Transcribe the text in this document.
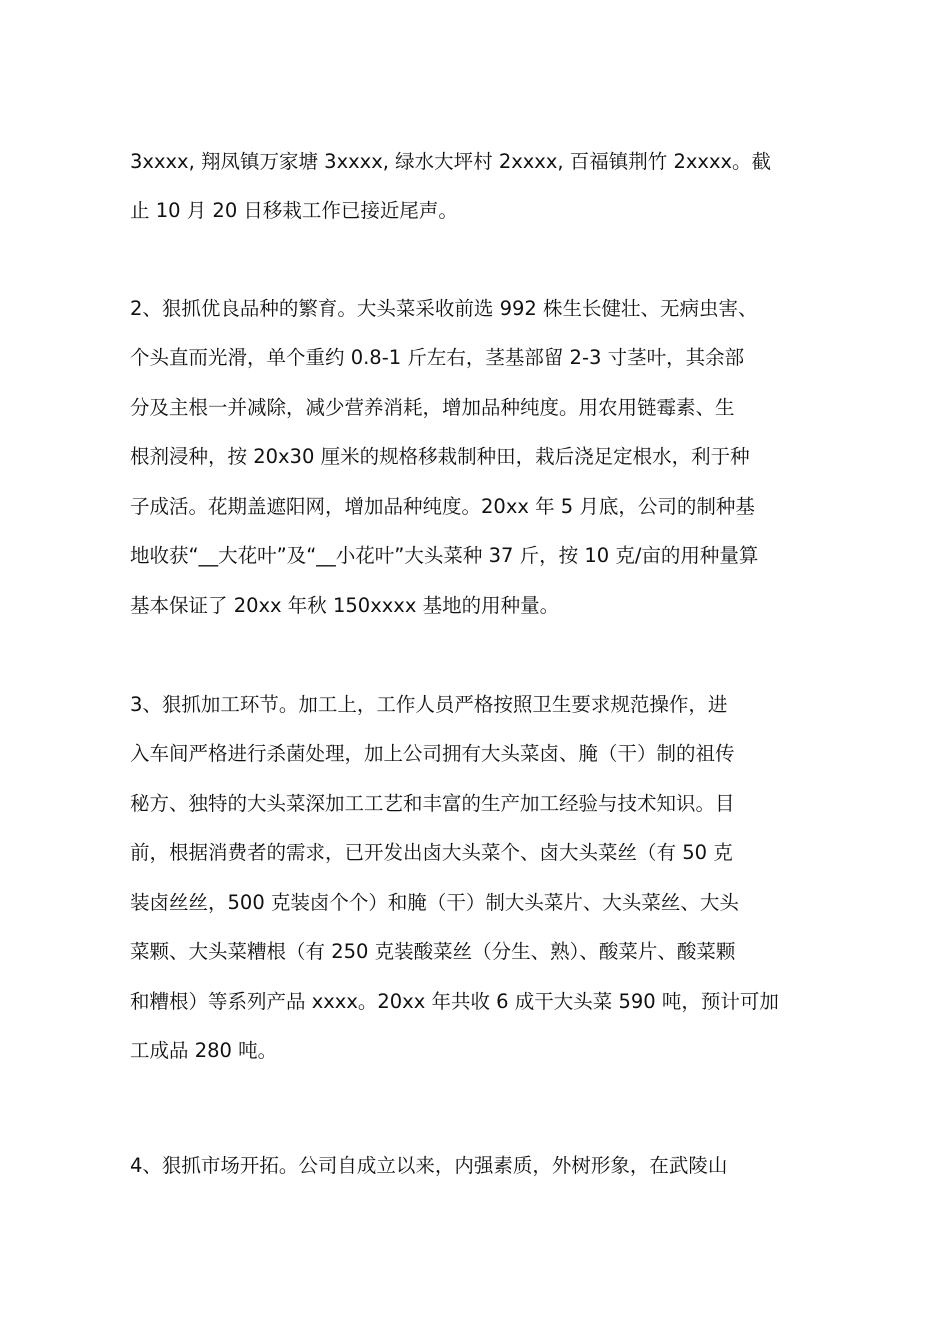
3xxxx, 翔凤镇万家塘 3xxxx, 绿水大坪村 2xxxx, 百福镇荆竹 2xxxx。截

止 10 月 20 日移栽工作已接近尾声。

2、狠抓优良品种的繁育。大头菜采收前选 992 株生长健壮、无病虫害、

个头直而光滑，单个重约 0.8-1 斤左右，茎基部留 2-3 寸茎叶，其余部

分及主根一并减除，减少营养消耗，增加品种纯度。用农用链霉素、生

根剂浸种，按 20x30 厘米的规格移栽制种田，栽后浇足定根水，利于种

子成活。花期盖遮阳网，增加品种纯度。20xx 年 5 月底，公司的制种基

地收获“__大花叶”及“__小花叶”大头菜种 37 斤，按 10 克/亩的用种量算

基本保证了 20xx 年秋 150xxxx 基地的用种量。

3、狠抓加工环节。加工上，工作人员严格按照卫生要求规范操作，进

入车间严格进行杀菌处理，加上公司拥有大头菜卤、腌（干）制的祖传

秘方、独特的大头菜深加工工艺和丰富的生产加工经验与技术知识。目

前，根据消费者的需求，已开发出卤大头菜个、卤大头菜丝（有 50 克

装卤丝丝，500 克装卤个个）和腌（干）制大头菜片、大头菜丝、大头

菜颗、大头菜糟根（有 250 克装酸菜丝（分生、熟）、酸菜片、酸菜颗

和糟根）等系列产品 xxxx。20xx 年共收 6 成干大头菜 590 吨，预计可加

工成品 280 吨。

4、狠抓市场开拓。公司自成立以来，内强素质，外树形象，在武陵山
